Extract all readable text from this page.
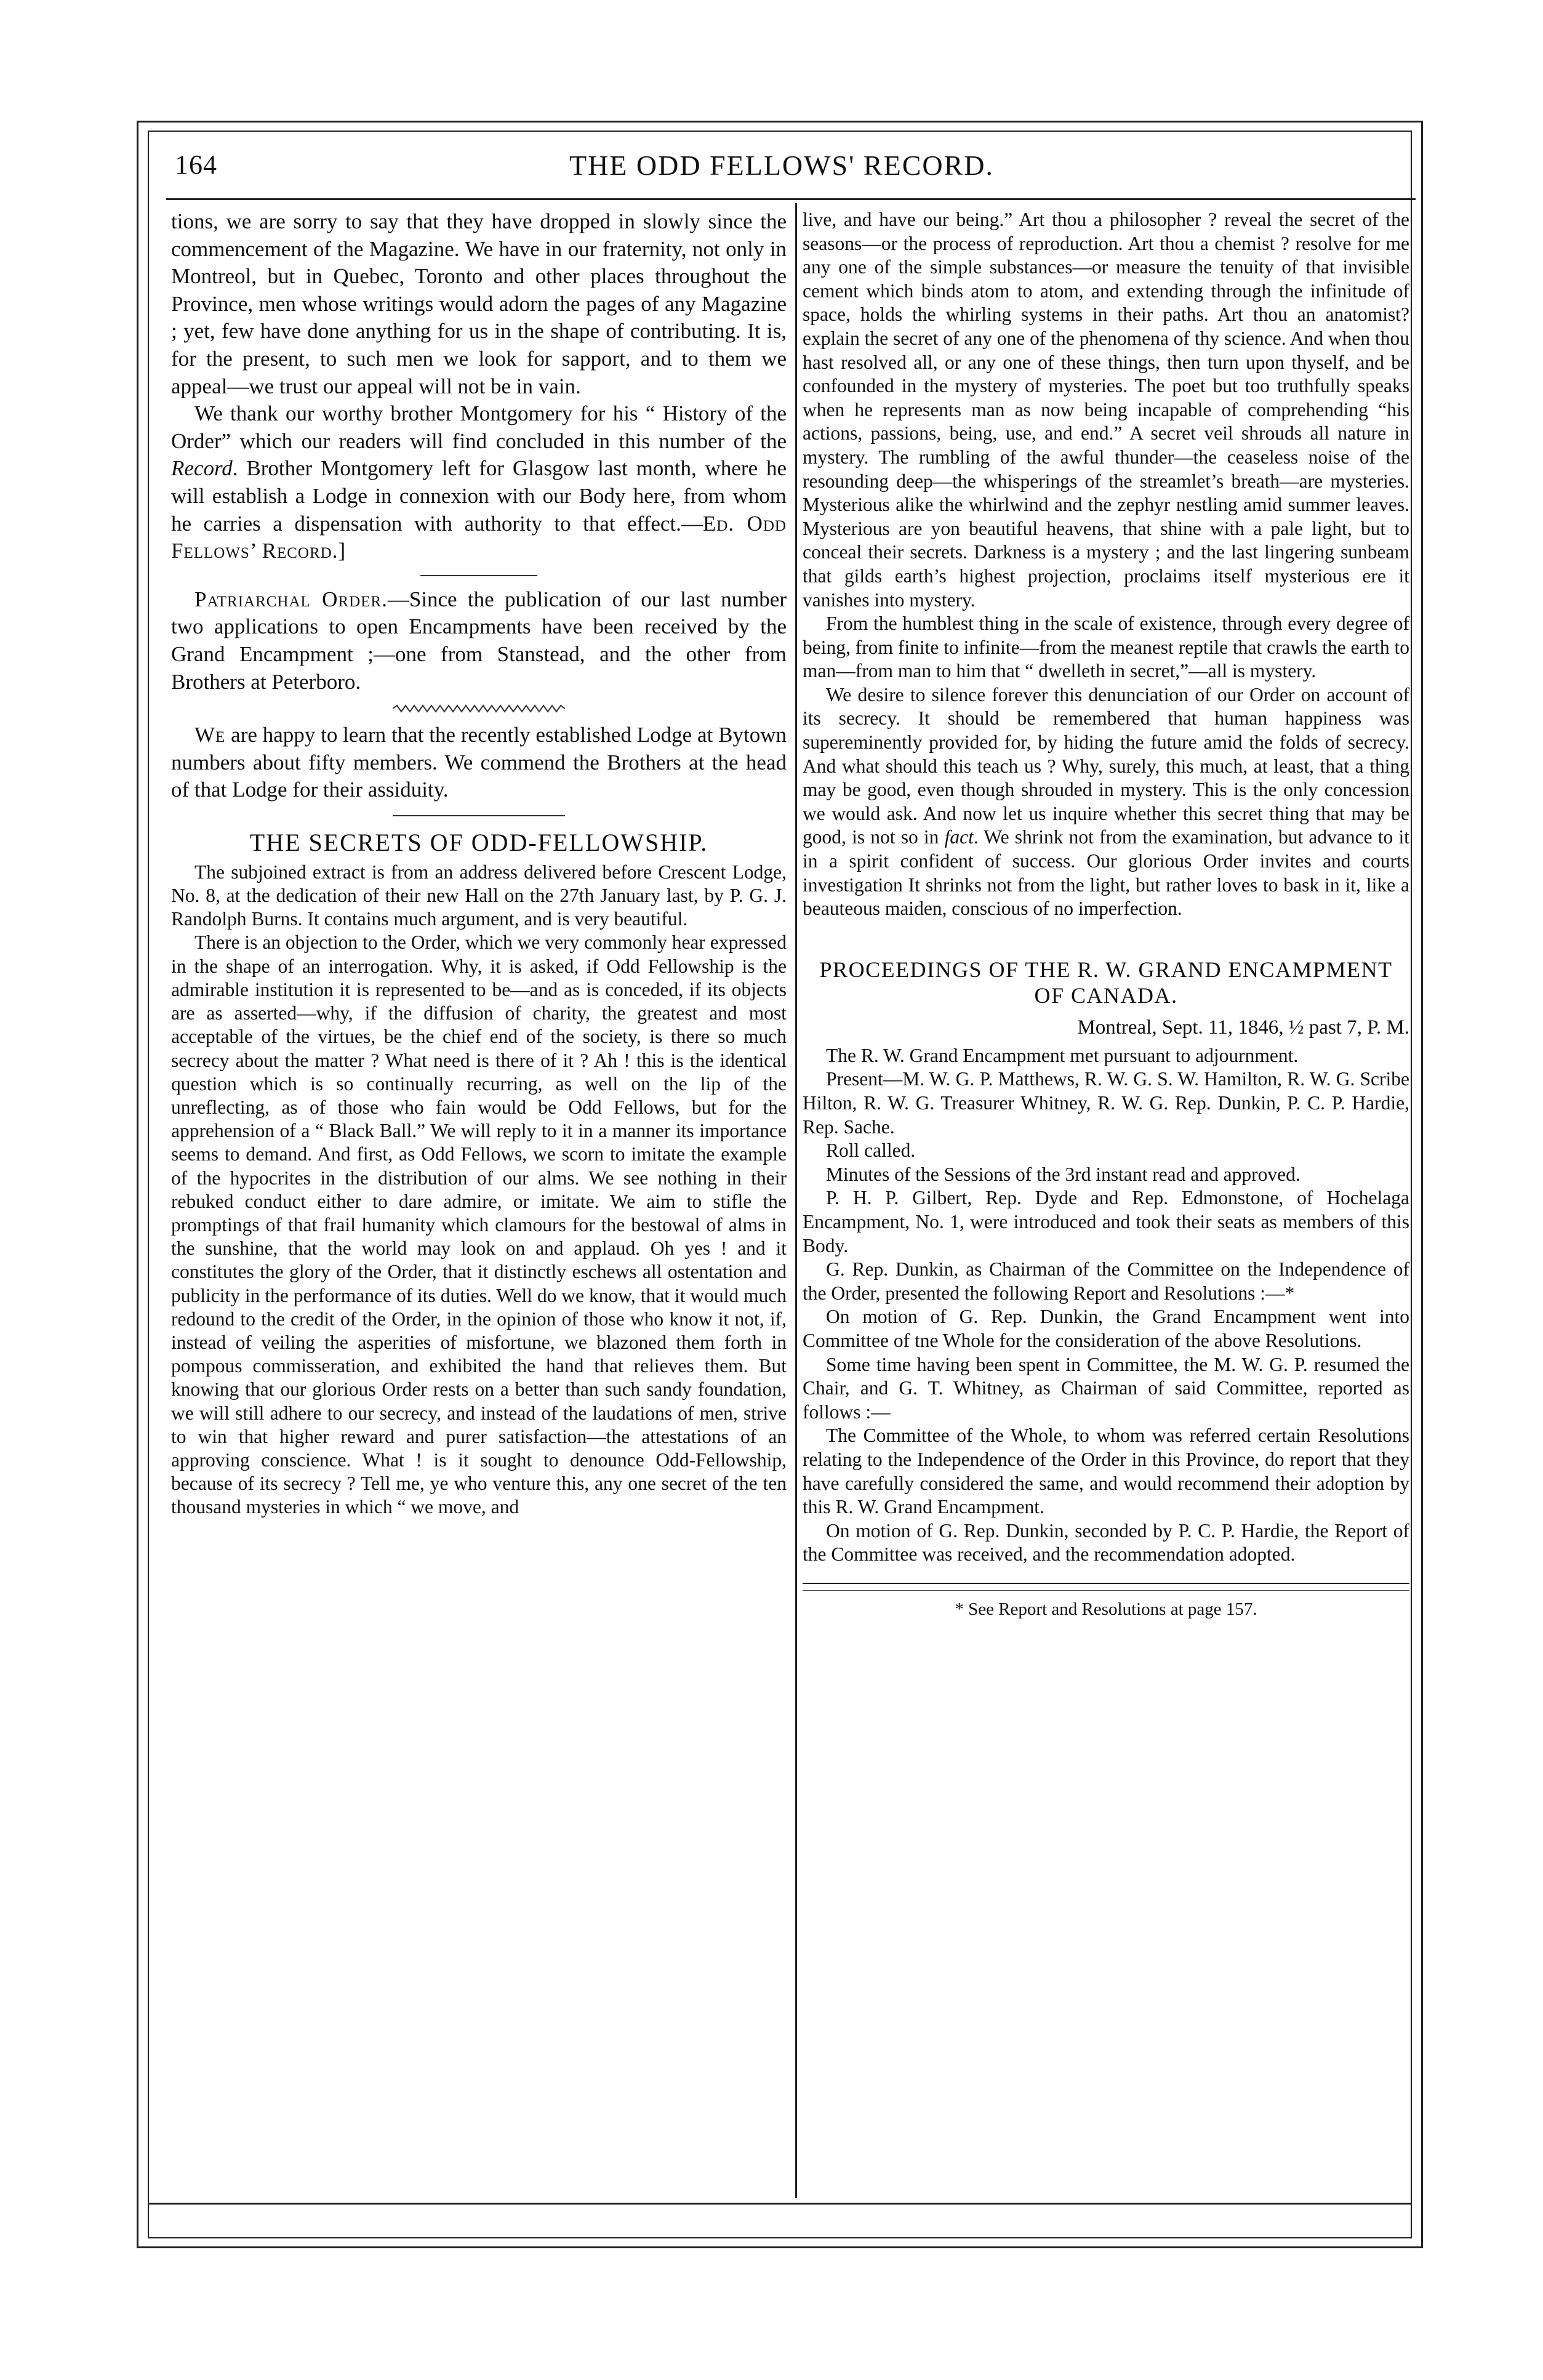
164	THE ODD FELLOWS' RECORD.

tions, we are sorry to say that they have dropped in slowly since the commencement of the Magazine. We have in our fraternity, not only in Montreol, but in Quebec, Toronto and other places throughout the Province, men whose writings would adorn the pages of any Magazine ; yet, few have done anything for us in the shape of contributing. It is, for the present, to such men we look for sapport, and to them we appeal—we trust our appeal will not be in vain.

We thank our worthy brother Montgomery for his “ History of the Order” which our readers will find concluded in this number of the Record. Brother Montgomery left for Glasgow last month, where he will establish a Lodge in connexion with our Body here, from whom he carries a dispensation with authority to that effect.—Ed. Odd Fellows’ Record.]

Patriarchal Order.—Since the publication of our last number two applications to open Encampments have been received by the Grand Encampment ;—one from Stanstead, and the other from Brothers at Peterboro.

We are happy to learn that the recently established Lodge at Bytown numbers about fifty members. We commend the Brothers at the head of that Lodge for their assiduity.

THE SECRETS OF ODD-FELLOWSHIP.

The subjoined extract is from an address delivered before Crescent Lodge, No. 8, at the dedication of their new Hall on the 27th January last, by P. G. J. Randolph Burns. It contains much argument, and is very beautiful.

There is an objection to the Order, which we very commonly hear expressed in the shape of an interrogation. Why, it is asked, if Odd Fellowship is the admirable institution it is represented to be—and as is conceded, if its objects are as asserted—why, if the diffusion of charity, the greatest and most acceptable of the virtues, be the chief end of the society, is there so much secrecy about the matter ? What need is there of it ? Ah ! this is the identical question which is so continually recurring, as well on the lip of the unreflecting, as of those who fain would be Odd Fellows, but for the apprehension of a “ Black Ball.” We will reply to it in a manner its importance seems to demand. And first, as Odd Fellows, we scorn to imitate the example of the hypocrites in the distribution of our alms. We see nothing in their rebuked conduct either to dare admire, or imitate. We aim to stifle the promptings of that frail humanity which clamours for the bestowal of alms in the sunshine, that the world may look on and applaud. Oh yes ! and it constitutes the glory of the Order, that it distinctly eschews all ostentation and publicity in the performance of its duties. Well do we know, that it would much redound to the credit of the Order, in the opinion of those who know it not, if, instead of veiling the asperities of misfortune, we blazoned them forth in pompous commisseration, and exhibited the hand that relieves them. But knowing that our glorious Order rests on a better than such sandy foundation, we will still adhere to our secrecy, and instead of the laudations of men, strive to win that higher reward and purer satisfaction—the attestations of an approving conscience. What ! is it sought to denounce Odd-Fellowship, because of its secrecy ? Tell me, ye who venture this, any one secret of the ten thousand mysteries in which “ we move, and

live, and have our being.” Art thou a philosopher ? reveal the secret of the seasons—or the process of reproduction. Art thou a chemist ? resolve for me any one of the simple substances—or measure the tenuity of that invisible cement which binds atom to atom, and extending through the infinitude of space, holds the whirling systems in their paths. Art thou an anatomist? explain the secret of any one of the phenomena of thy science. And when thou hast resolved all, or any one of these things, then turn upon thyself, and be confounded in the mystery of mysteries. The poet but too truthfully speaks when he represents man as now being incapable of comprehending “his actions, passions, being, use, and end.” A secret veil shrouds all nature in mystery. The rumbling of the awful thunder—the ceaseless noise of the resounding deep—the whisperings of the streamlet’s breath—are mysteries. Mysterious alike the whirlwind and the zephyr nestling amid summer leaves. Mysterious are yon beautiful heavens, that shine with a pale light, but to conceal their secrets. Darkness is a mystery ; and the last lingering sunbeam that gilds earth’s highest projection, proclaims itself mysterious ere it vanishes into mystery.

From the humblest thing in the scale of existence, through every degree of being, from finite to infinite—from the meanest reptile that crawls the earth to man—from man to him that “ dwelleth in secret,”—all is mystery.

We desire to silence forever this denunciation of our Order on account of its secrecy. It should be remembered that human happiness was supereminently provided for, by hiding the future amid the folds of secrecy. And what should this teach us ? Why, surely, this much, at least, that a thing may be good, even though shrouded in mystery. This is the only concession we would ask. And now let us inquire whether this secret thing that may be good, is not so in fact. We shrink not from the examination, but advance to it in a spirit confident of success. Our glorious Order invites and courts investigation It shrinks not from the light, but rather loves to bask in it, like a beauteous maiden, conscious of no imperfection.

PROCEEDINGS OF THE R. W. GRAND ENCAMPMENT OF CANADA.
Montreal, Sept. 11, 1846, ½ past 7, P. M.

The R. W. Grand Encampment met pursuant to adjournment.

Present—M. W. G. P. Matthews, R. W. G. S. W. Hamilton, R. W. G. Scribe Hilton, R. W. G. Treasurer Whitney, R. W. G. Rep. Dunkin, P. C. P. Hardie, Rep. Sache.

Roll called.

Minutes of the Sessions of the 3rd instant read and approved.

P. H. P. Gilbert, Rep. Dyde and Rep. Edmonstone, of Hochelaga Encampment, No. 1, were introduced and took their seats as members of this Body.

G. Rep. Dunkin, as Chairman of the Committee on the Independence of the Order, presented the following Report and Resolutions :—*

On motion of G. Rep. Dunkin, the Grand Encampment went into Committee of tne Whole for the consideration of the above Resolutions.

Some time having been spent in Committee, the M. W. G. P. resumed the Chair, and G. T. Whitney, as Chairman of said Committee, reported as follows :—

The Committee of the Whole, to whom was referred certain Resolutions relating to the Independence of the Order in this Province, do report that they have carefully considered the same, and would recommend their adoption by this R. W. Grand Encampment.

On motion of G. Rep. Dunkin, seconded by P. C. P. Hardie, the Report of the Committee was received, and the recommendation adopted.

* See Report and Resolutions at page 157.
